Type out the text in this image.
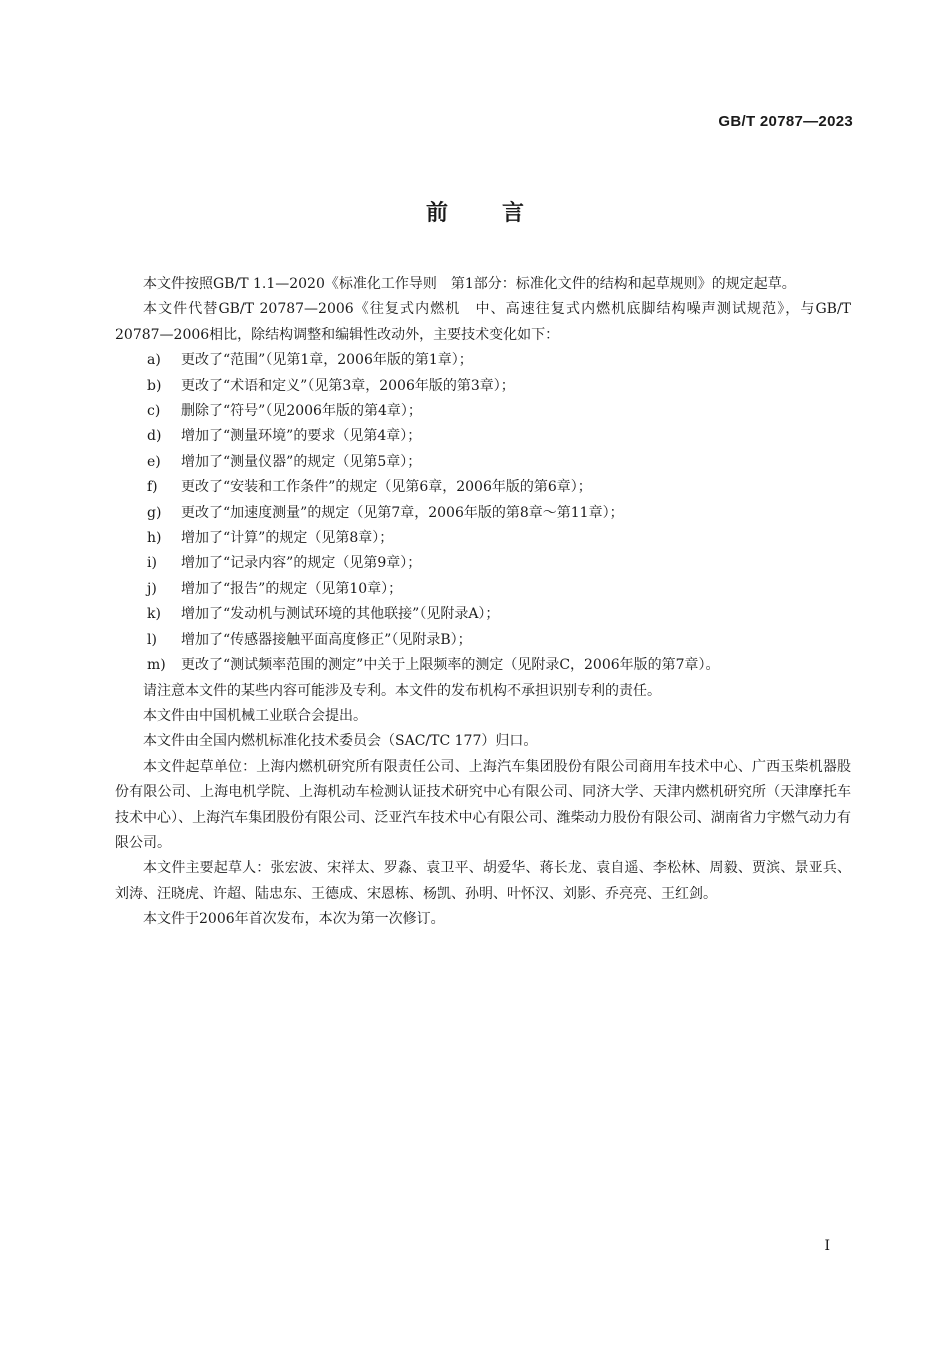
GB/T 20787—2023
前 言

本文件按照GB/T 1.1—2020《标准化工作导则　第1部分：标准化文件的结构和起草规则》的规定起草。

本文件代替GB/T 20787—2006《往复式内燃机　中、高速往复式内燃机底脚结构噪声测试规范》，与GB/T 20787—2006相比，除结构调整和编辑性改动外，主要技术变化如下：

a)	更改了“范围”（见第1章，2006年版的第1章）；
b)	更改了“术语和定义”（见第3章，2006年版的第3章）；
c)	删除了“符号”（见2006年版的第4章）；
d)	增加了“测量环境”的要求（见第4章）；
e)	增加了“测量仪器”的规定（见第5章）；
f)	更改了“安装和工作条件”的规定（见第6章，2006年版的第6章）；
g)	更改了“加速度测量”的规定（见第7章，2006年版的第8章～第11章）；
h)	增加了“计算”的规定（见第8章）；
i)	增加了“记录内容”的规定（见第9章）；
j)	增加了“报告”的规定（见第10章）；
k)	增加了“发动机与测试环境的其他联接”（见附录A）；
l)	增加了“传感器接触平面高度修正”（见附录B）；
m)	更改了“测试频率范围的测定”中关于上限频率的测定（见附录C，2006年版的第7章）。

请注意本文件的某些内容可能涉及专利。本文件的发布机构不承担识别专利的责任。

本文件由中国机械工业联合会提出。

本文件由全国内燃机标准化技术委员会（SAC/TC 177）归口。

本文件起草单位：上海内燃机研究所有限责任公司、上海汽车集团股份有限公司商用车技术中心、广西玉柴机器股份有限公司、上海电机学院、上海机动车检测认证技术研究中心有限公司、同济大学、天津内燃机研究所（天津摩托车技术中心）、上海汽车集团股份有限公司、泛亚汽车技术中心有限公司、潍柴动力股份有限公司、湖南省力宇燃气动力有限公司。

本文件主要起草人：张宏波、宋祥太、罗淼、袁卫平、胡爱华、蒋长龙、袁自遥、李松林、周毅、贾滨、景亚兵、刘涛、汪晓虎、许超、陆忠东、王德成、宋恩栋、杨凯、孙明、叶怀汉、刘影、乔亮亮、王红剑。

本文件于2006年首次发布，本次为第一次修订。

I
